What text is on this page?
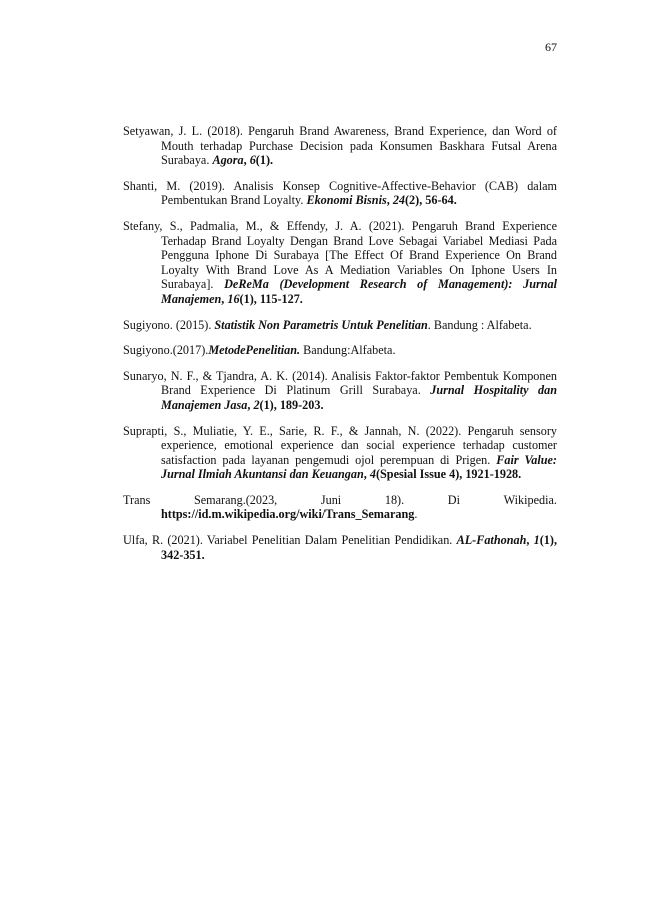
67

Setyawan, J. L. (2018). Pengaruh Brand Awareness, Brand Experience, dan Word of Mouth terhadap Purchase Decision pada Konsumen Baskhara Futsal Arena Surabaya. Agora, 6(1).

Shanti, M. (2019). Analisis Konsep Cognitive-Affective-Behavior (CAB) dalam Pembentukan Brand Loyalty. Ekonomi Bisnis, 24(2), 56-64.

Stefany, S., Padmalia, M., & Effendy, J. A. (2021). Pengaruh Brand Experience Terhadap Brand Loyalty Dengan Brand Love Sebagai Variabel Mediasi Pada Pengguna Iphone Di Surabaya [The Effect Of Brand Experience On Brand Loyalty With Brand Love As A Mediation Variables On Iphone Users In Surabaya]. DeReMa (Development Research of Management): Jurnal Manajemen, 16(1), 115-127.

Sugiyono. (2015). Statistik Non Parametris Untuk Penelitian. Bandung : Alfabeta.

Sugiyono.(2017).MetodePenelitian. Bandung:Alfabeta.

Sunaryo, N. F., & Tjandra, A. K. (2014). Analisis Faktor-faktor Pembentuk Komponen Brand Experience Di Platinum Grill Surabaya. Jurnal Hospitality dan Manajemen Jasa, 2(1), 189-203.

Suprapti, S., Muliatie, Y. E., Sarie, R. F., & Jannah, N. (2022). Pengaruh sensory experience, emotional experience dan social experience terhadap customer satisfaction pada layanan pengemudi ojol perempuan di Prigen. Fair Value: Jurnal Ilmiah Akuntansi dan Keuangan, 4(Spesial Issue 4), 1921-1928.

Trans	Semarang.(2023,	Juni	18).	Di	Wikipedia.
https://id.m.wikipedia.org/wiki/Trans_Semarang.

Ulfa, R. (2021). Variabel Penelitian Dalam Penelitian Pendidikan. AL-Fathonah, 1(1), 342-351.
